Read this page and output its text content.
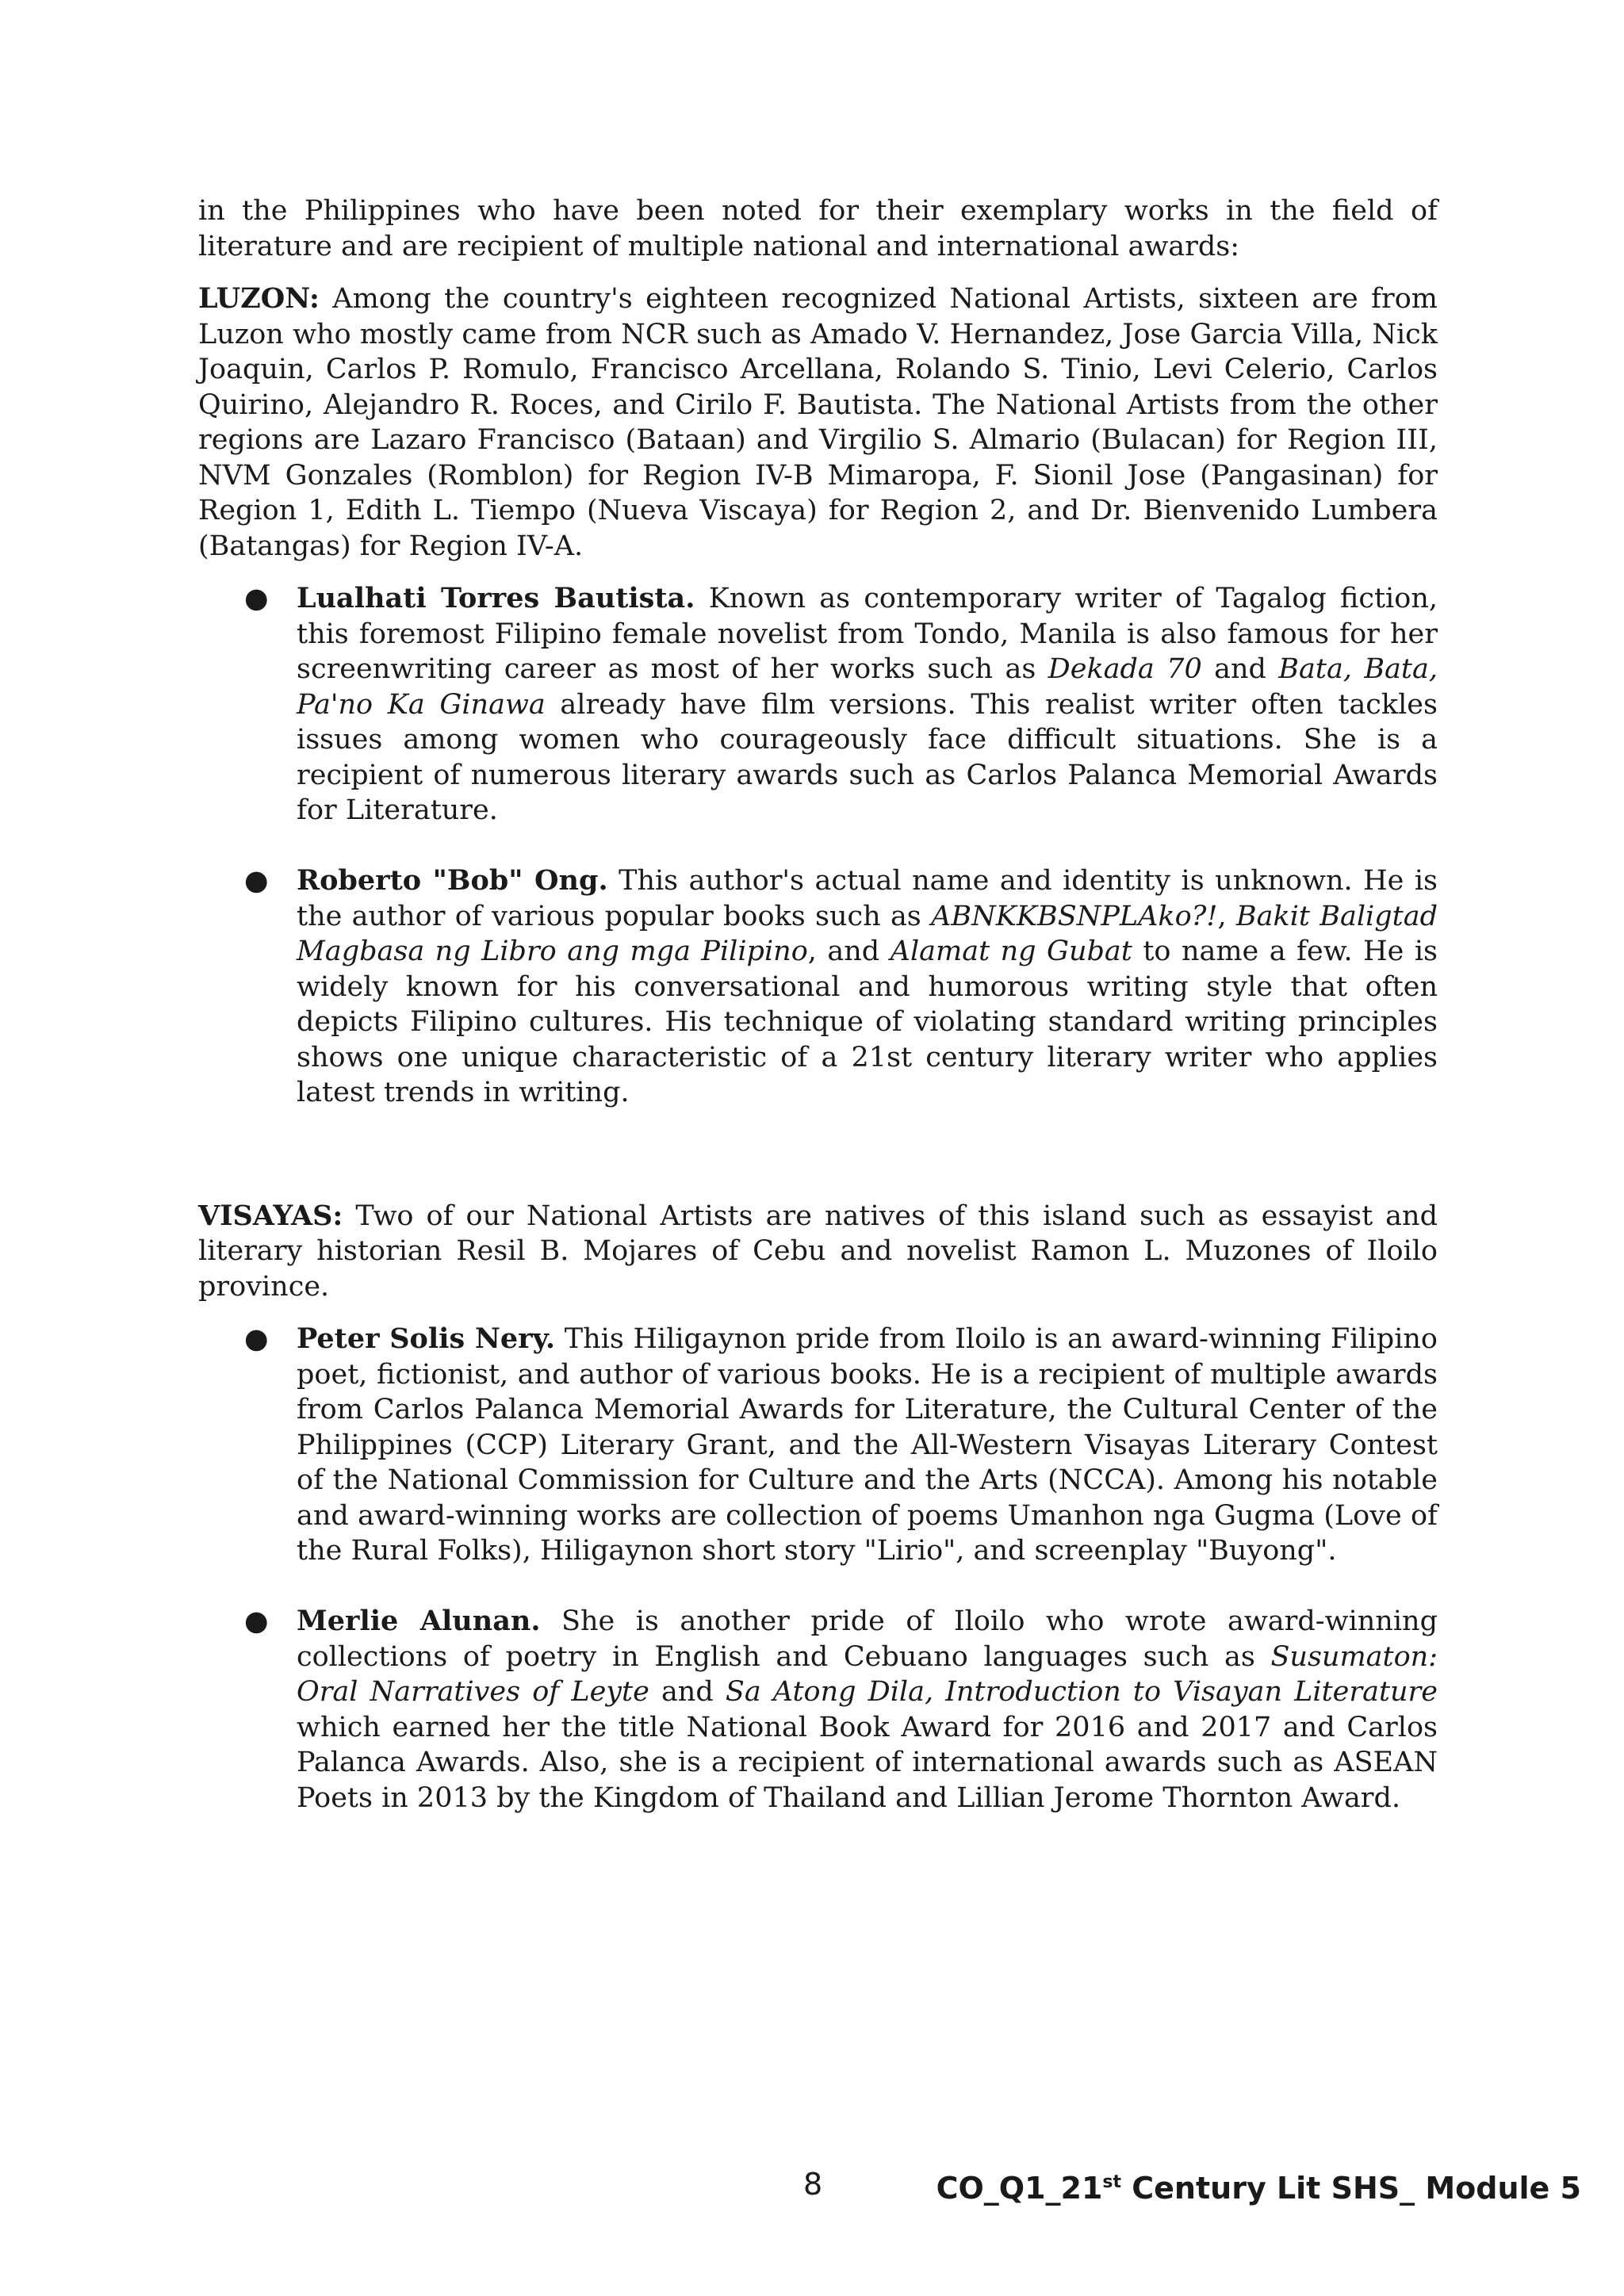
in the Philippines who have been noted for their exemplary works in the field of literature and are recipient of multiple national and international awards:

LUZON: Among the country's eighteen recognized National Artists, sixteen are from Luzon who mostly came from NCR such as Amado V. Hernandez, Jose Garcia Villa, Nick Joaquin, Carlos P. Romulo, Francisco Arcellana, Rolando S. Tinio, Levi Celerio, Carlos Quirino, Alejandro R. Roces, and Cirilo F. Bautista. The National Artists from the other regions are Lazaro Francisco (Bataan) and Virgilio S. Almario (Bulacan) for Region III, NVM Gonzales (Romblon) for Region IV-B Mimaropa, F. Sionil Jose (Pangasinan) for Region 1, Edith L. Tiempo (Nueva Viscaya) for Region 2, and Dr. Bienvenido Lumbera (Batangas) for Region IV-A.

● Lualhati Torres Bautista. Known as contemporary writer of Tagalog fiction, this foremost Filipino female novelist from Tondo, Manila is also famous for her screenwriting career as most of her works such as Dekada 70 and Bata, Bata, Pa'no Ka Ginawa already have film versions. This realist writer often tackles issues among women who courageously face difficult situations. She is a recipient of numerous literary awards such as Carlos Palanca Memorial Awards for Literature.
● Roberto "Bob" Ong. This author's actual name and identity is unknown. He is the author of various popular books such as ABNKKBSNPLAko?!, Bakit Baligtad Magbasa ng Libro ang mga Pilipino, and Alamat ng Gubat to name a few. He is widely known for his conversational and humorous writing style that often depicts Filipino cultures. His technique of violating standard writing principles shows one unique characteristic of a 21st century literary writer who applies latest trends in writing.

VISAYAS: Two of our National Artists are natives of this island such as essayist and literary historian Resil B. Mojares of Cebu and novelist Ramon L. Muzones of Iloilo province.

● Peter Solis Nery. This Hiligaynon pride from Iloilo is an award-winning Filipino poet, fictionist, and author of various books. He is a recipient of multiple awards from Carlos Palanca Memorial Awards for Literature, the Cultural Center of the Philippines (CCP) Literary Grant, and the All-Western Visayas Literary Contest of the National Commission for Culture and the Arts (NCCA). Among his notable and award-winning works are collection of poems Umanhon nga Gugma (Love of the Rural Folks), Hiligaynon short story "Lirio", and screenplay "Buyong".
● Merlie Alunan. She is another pride of Iloilo who wrote award-winning collections of poetry in English and Cebuano languages such as Susumaton: Oral Narratives of Leyte and Sa Atong Dila, Introduction to Visayan Literature which earned her the title National Book Award for 2016 and 2017 and Carlos Palanca Awards. Also, she is a recipient of international awards such as ASEAN Poets in 2013 by the Kingdom of Thailand and Lillian Jerome Thornton Award.
8	CO_Q1_21st Century Lit SHS_ Module 5
